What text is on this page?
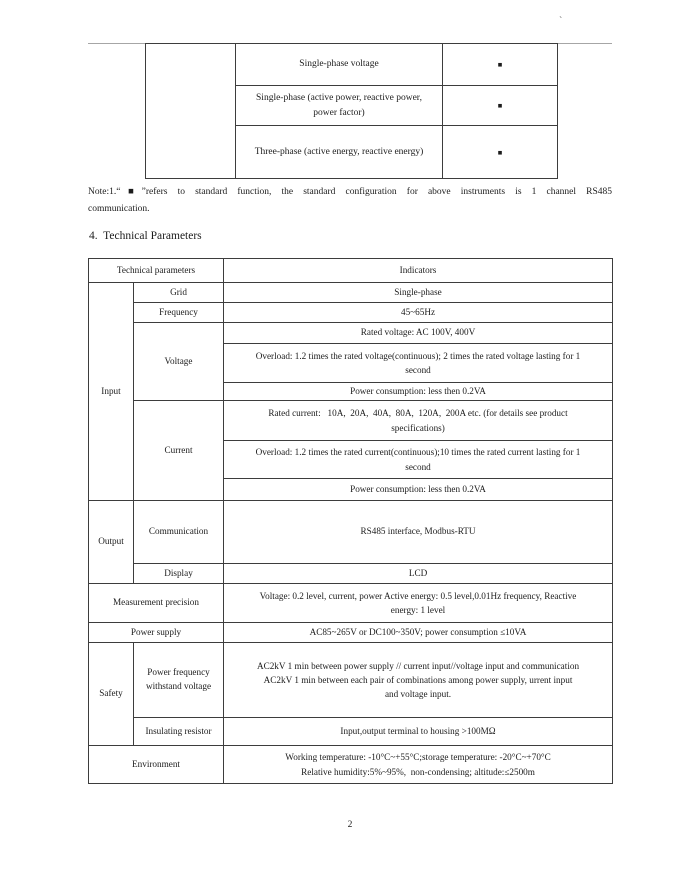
`

	Single-phase voltage	■

	Single-phase (active power, reactive power,
power factor)	■

	Three-phase (active energy, reactive energy)	■
Note:1.“■”refers to standard function, the standard configuration for above instruments is 1 channel RS485
communication.
4.  Technical Parameters
Technical parameters		Indicators
Input	Grid	Single-phase
	Frequency	45~65Hz
	Voltage	Rated voltage: AC 100V, 400V

		Overload: 1.2 times the rated voltage(continuous); 2 times the rated voltage lasting for 1
second

		Power consumption: less then 0.2VA
	Current	Rated current:   10A,  20A,  40A,  80A,  120A,  200A etc. (for details see product
specifications)

		Overload: 1.2 times the rated current(continuous);10 times the rated current lasting for 1
second

		Power consumption: less then 0.2VA
Output	Communication	RS485 interface, Modbus-RTU
	Display	LCD
Measurement precision		Voltage: 0.2 level, current, power Active energy: 0.5 level,0.01Hz frequency, Reactive
energy: 1 level

Power supply		AC85~265V or DC100~350V; power consumption ≤10VA
Safety	Power frequency withstand voltage	AC2kV 1 min between power supply // current input//voltage input and communication
AC2kV 1 min between each pair of combinations among power supply, urrent input
and voltage input.

	Insulating resistor	Input,output terminal to housing >100MΩ
Environment		Working temperature: -10°C~+55°C;storage temperature: -20°C~+70°C
Relative humidity:5%~95%,  non-condensing; altitude:≤2500m
2
